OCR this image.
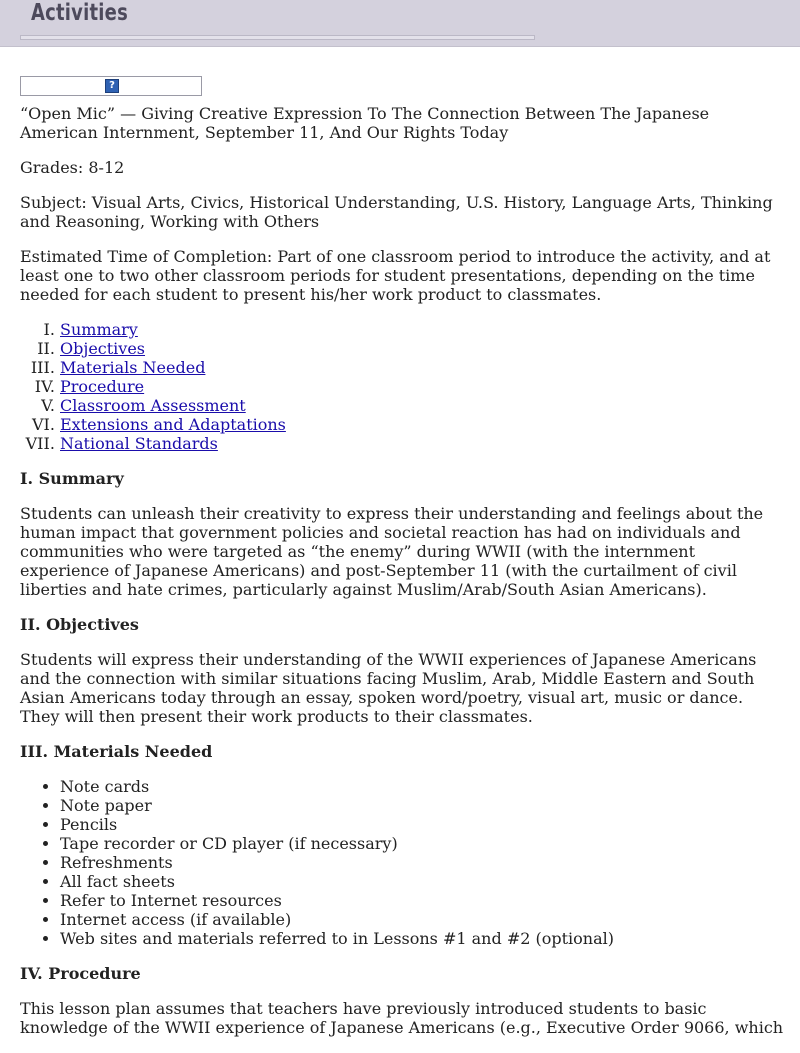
Activities
?

“Open Mic” — Giving Creative Expression To The Connection Between The Japanese American Internment, September 11, And Our Rights Today

Grades: 8-12

Subject: Visual Arts, Civics, Historical Understanding, U.S. History, Language Arts, Thinking and Reasoning, Working with Others

Estimated Time of Completion: Part of one classroom period to introduce the activity, and at least one to two other classroom periods for student presentations, depending on the time needed for each student to present his/her work product to classmates.

I. Summary
II. Objectives
III. Materials Needed
IV. Procedure
V. Classroom Assessment
VI. Extensions and Adaptations
VII. National Standards
I. Summary

Students can unleash their creativity to express their understanding and feelings about the human impact that government policies and societal reaction has had on individuals and communities who were targeted as “the enemy” during WWII (with the internment experience of Japanese Americans) and post-September 11 (with the curtailment of civil liberties and hate crimes, particularly against Muslim/Arab/South Asian Americans).

II. Objectives

Students will express their understanding of the WWII experiences of Japanese Americans and the connection with similar situations facing Muslim, Arab, Middle Eastern and South Asian Americans today through an essay, spoken word/poetry, visual art, music or dance. They will then present their work products to their classmates.

III. Materials Needed
• Note cards
• Note paper
• Pencils
• Tape recorder or CD player (if necessary)
• Refreshments
• All fact sheets
• Refer to Internet resources
• Internet access (if available)
• Web sites and materials referred to in Lessons #1 and #2 (optional)
IV. Procedure

This lesson plan assumes that teachers have previously introduced students to basic knowledge of the WWII experience of Japanese Americans (e.g., Executive Order 9066, which
